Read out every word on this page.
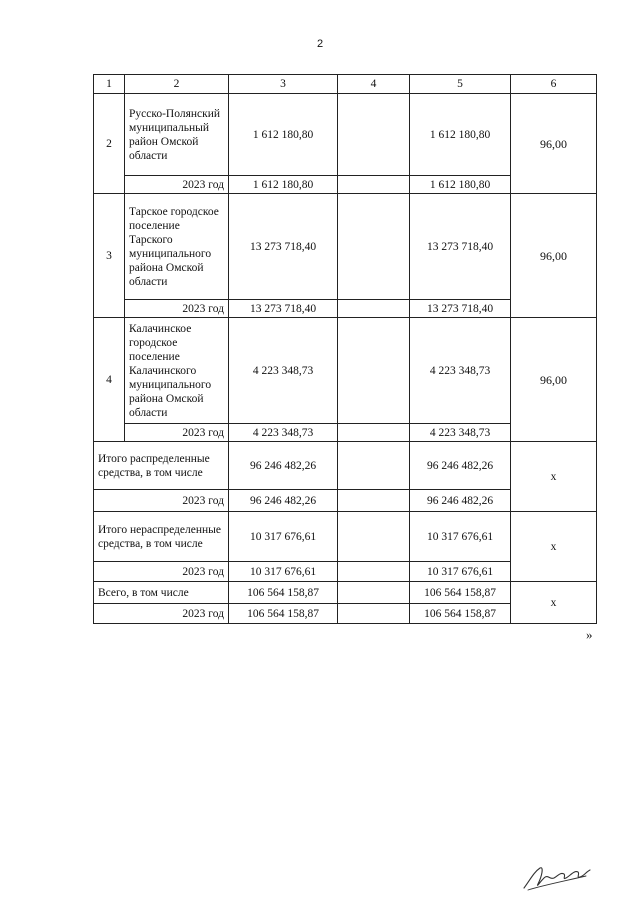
2
1	2	3	4	5	6
2	Русско-Полянский муниципальный район Омской области	1 612 180,80		1 612 180,80	96,00
	2023 год	1 612 180,80		1 612 180,80	
3	Тарское городское поселение Тарского муниципального района Омской области	13 273 718,40		13 273 718,40	96,00
	2023 год	13 273 718,40		13 273 718,40	
4	Калачинское городское поселение Калачинского муниципального района Омской области	4 223 348,73		4 223 348,73	96,00
	2023 год	4 223 348,73		4 223 348,73	
Итого распределенные средства, в том числе		96 246 482,26		96 246 482,26	х
2023 год		96 246 482,26		96 246 482,26	
Итого нераспределенные средства, в том числе		10 317 676,61		10 317 676,61	х
2023 год		10 317 676,61		10 317 676,61	
Всего, в том числе		106 564 158,87		106 564 158,87	х
2023 год		106 564 158,87		106 564 158,87	
»
